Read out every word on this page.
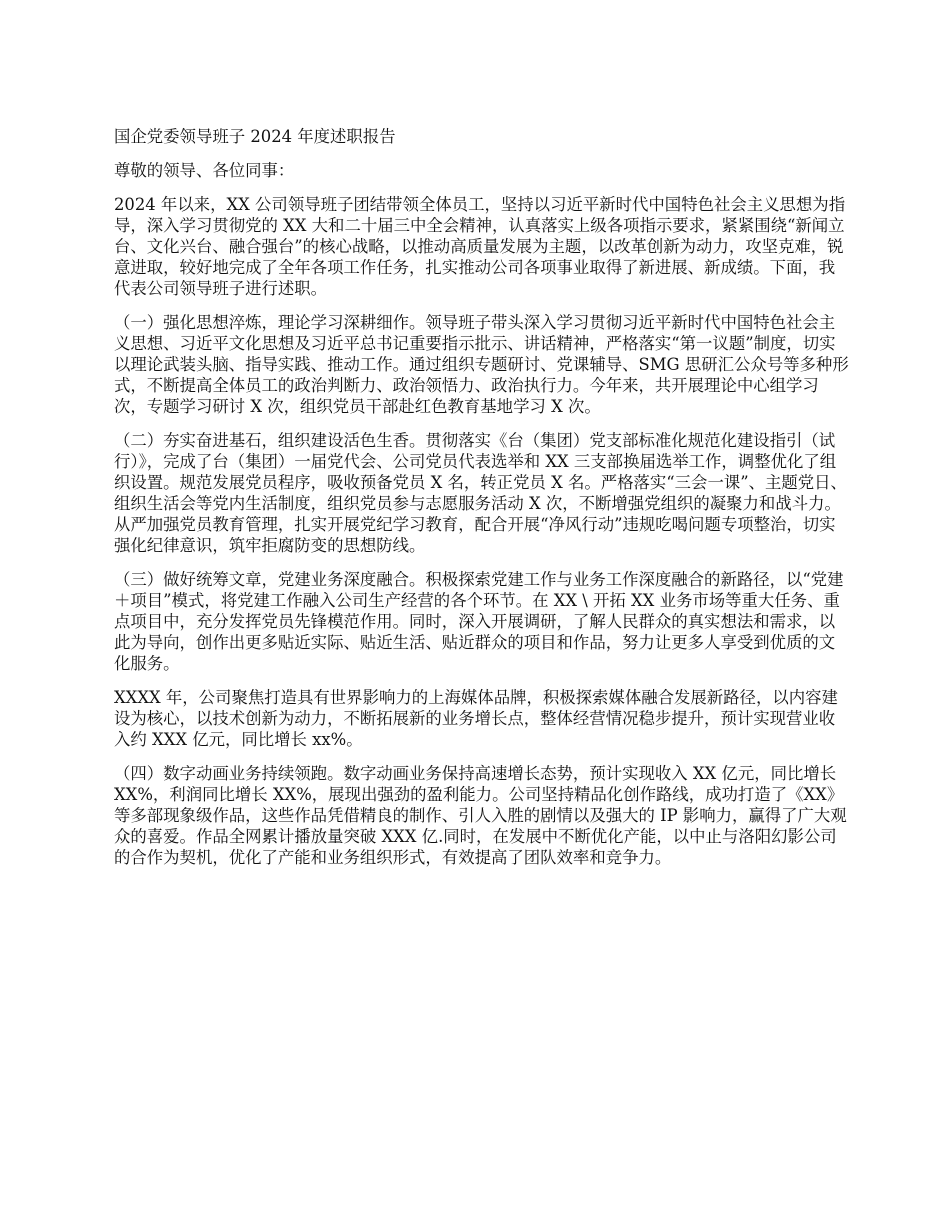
国企党委领导班子 2024 年度述职报告

尊敬的领导、各位同事：

2024 年以来，XX 公司领导班子团结带领全体员工，坚持以习近平新时代中国特色社会主义思想为指导，深入学习贯彻党的 XX 大和二十届三中全会精神，认真落实上级各项指示要求，紧紧围绕“新闻立台、文化兴台、融合强台”的核心战略，以推动高质量发展为主题，以改革创新为动力，攻坚克难，锐意进取，较好地完成了全年各项工作任务，扎实推动公司各项事业取得了新进展、新成绩。下面，我代表公司领导班子进行述职。

（一）强化思想淬炼，理论学习深耕细作。领导班子带头深入学习贯彻习近平新时代中国特色社会主义思想、习近平文化思想及习近平总书记重要指示批示、讲话精神，严格落实“第一议题”制度，切实以理论武装头脑、指导实践、推动工作。通过组织专题研讨、党课辅导、SMG 思研汇公众号等多种形式，不断提高全体员工的政治判断力、政治领悟力、政治执行力。今年来，共开展理论中心组学习次，专题学习研讨 X 次，组织党员干部赴红色教育基地学习 X 次。

（二）夯实奋进基石，组织建设活色生香。贯彻落实《台（集团）党支部标准化规范化建设指引（试行）》，完成了台（集团）一届党代会、公司党员代表选举和 XX 三支部换届选举工作，调整优化了组织设置。规范发展党员程序，吸收预备党员 X 名，转正党员 X 名。严格落实“三会一课”、主题党日、组织生活会等党内生活制度，组织党员参与志愿服务活动 X 次，不断增强党组织的凝聚力和战斗力。从严加强党员教育管理，扎实开展党纪学习教育，配合开展“净风行动”违规吃喝问题专项整治，切实强化纪律意识，筑牢拒腐防变的思想防线。

（三）做好统筹文章，党建业务深度融合。积极探索党建工作与业务工作深度融合的新路径，以“党建＋项目”模式，将党建工作融入公司生产经营的各个环节。在 XX \ 开拓 XX 业务市场等重大任务、重点项目中，充分发挥党员先锋模范作用。同时，深入开展调研，了解人民群众的真实想法和需求，以此为导向，创作出更多贴近实际、贴近生活、贴近群众的项目和作品，努力让更多人享受到优质的文化服务。

XXXX 年，公司聚焦打造具有世界影响力的上海媒体品牌，积极探索媒体融合发展新路径，以内容建设为核心，以技术创新为动力，不断拓展新的业务增长点，整体经营情况稳步提升，预计实现营业收入约 XXX 亿元，同比增长 xx%。

（四）数字动画业务持续领跑。数字动画业务保持高速增长态势，预计实现收入 XX 亿元，同比增长 XX%，利润同比增长 XX%，展现出强劲的盈利能力。公司坚持精品化创作路线，成功打造了《XX》等多部现象级作品，这些作品凭借精良的制作、引人入胜的剧情以及强大的 IP 影响力，赢得了广大观众的喜爱。作品全网累计播放量突破 XXX 亿.同时，在发展中不断优化产能，以中止与洛阳幻影公司的合作为契机，优化了产能和业务组织形式，有效提高了团队效率和竞争力。
